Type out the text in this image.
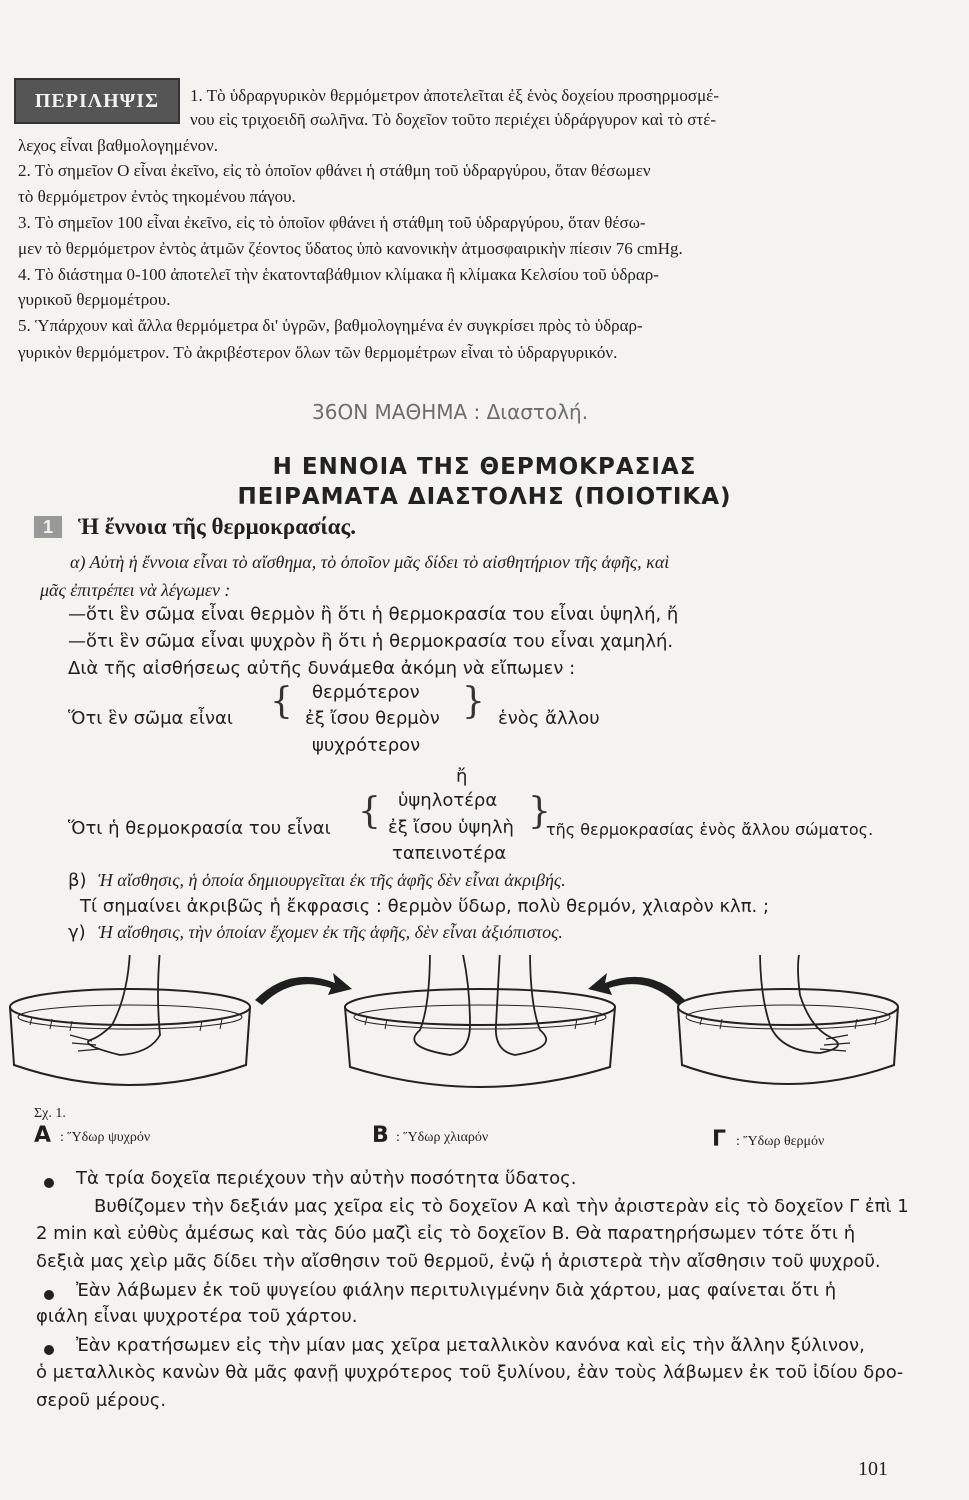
ΠΕΡΙΛΗΨΙΣ	1. Τὸ ὑδραργυρικὸν θερμόμετρον ἀποτελεῖται ἐξ ἑνὸς δοχείου προσηρμοσμέ-
νου εἰς τριχοειδῆ σωλῆνα. Τὸ δοχεῖον τοῦτο περιέχει ὑδράργυρον καὶ τὸ στέ-
λεχος εἶναι βαθμολογημένον.
2. Τὸ σημεῖον Ο εἶναι ἐκεῖνο, εἰς τὸ ὁποῖον φθάνει ἡ στάθμη τοῦ ὑδραργύρου, ὅταν θέσωμεν
τὸ θερμόμετρον ἐντὸς τηκομένου πάγου.
3. Τὸ σημεῖον 100 εἶναι ἐκεῖνο, εἰς τὸ ὁποῖον φθάνει ἡ στάθμη τοῦ ὑδραργύρου, ὅταν θέσω-
μεν τὸ θερμόμετρον ἐντὸς ἀτμῶν ζέοντος ὕδατος ὑπὸ κανονικὴν ἀτμοσφαιρικὴν πίεσιν 76 cmHg.
4. Τὸ διάστημα 0-100 ἀποτελεῖ τὴν ἑκατονταβάθμιον κλίμακα ἢ κλίμακα Κελσίου τοῦ ὑδραρ-
γυρικοῦ θερμομέτρου.
5. Ὑπάρχουν καὶ ἄλλα θερμόμετρα δι' ὑγρῶν, βαθμολογημένα ἐν συγκρίσει πρὸς τὸ ὑδραρ-
γυρικὸν θερμόμετρον. Τὸ ἀκριβέστερον ὅλων τῶν θερμομέτρων εἶναι τὸ ὑδραργυρικόν.
36ΟΝ ΜΑΘΗΜΑ : Διαστολή.
Η ΕΝΝΟΙΑ ΤΗΣ ΘΕΡΜΟΚΡΑΣΙΑΣ
ΠΕΙΡΑΜΑΤΑ ΔΙΑΣΤΟΛΗΣ (ΠΟΙΟΤΙΚΑ)
1	Ἡ ἔννοια τῆς θερμοκρασίας.
α) Αὐτὴ ἡ ἔννοια εἶναι τὸ αἴσθημα, τὸ ὁποῖον μᾶς δίδει τὸ αἰσθητήριον τῆς ἁφῆς, καὶ
μᾶς ἐπιτρέπει νὰ λέγωμεν :
—ὅτι ἓν σῶμα εἶναι θερμὸν ἢ ὅτι ἡ θερμοκρασία του εἶναι ὑψηλή, ἤ
—ὅτι ἓν σῶμα εἶναι ψυχρὸν ἢ ὅτι ἡ θερμοκρασία του εἶναι χαμηλή.
Διὰ τῆς αἰσθήσεως αὐτῆς δυνάμεθα ἀκόμη νὰ εἴπωμεν :
Ὅτι ἓν σῶμα εἶναι { θερμότερον
ἐξ ἴσου θερμὸν
ψυχρότερον
} ἑνὸς ἄλλου
ἤ
Ὅτι ἡ θερμοκρασία του εἶναι { ὑψηλοτέρα
ἐξ ἴσου ὑψηλὴ
ταπεινοτέρα
}
τῆς θερμοκρασίας ἑνὸς ἄλλου σώματος.
β) Ἡ αἴσθησις, ἡ ὁποία δημιουργεῖται ἐκ τῆς ἁφῆς δὲν εἶναι ἀκριβής.
Τί σημαίνει ἀκριβῶς ἡ ἔκφρασις : θερμὸν ὕδωρ, πολὺ θερμόν, χλιαρὸν κλπ. ;
γ) Ἡ αἴσθησις, τὴν ὁποίαν ἔχομεν ἐκ τῆς ἁφῆς, δὲν εἶναι ἀξιόπιστος.
Σχ. 1.
Α : Ὕδωρ ψυχρόν	Β : Ὕδωρ χλιαρόν	Γ : Ὕδωρ θερμόν
Τὰ τρία δοχεῖα περιέχουν τὴν αὐτὴν ποσότητα ὕδατος.
Βυθίζομεν τὴν δεξιάν μας χεῖρα εἰς τὸ δοχεῖον Α καὶ τὴν ἀριστερὰν εἰς τὸ δοχεῖον Γ ἐπὶ 1
2 min καὶ εὐθὺς ἀμέσως καὶ τὰς δύο μαζὶ εἰς τὸ δοχεῖον Β. Θὰ παρατηρήσωμεν τότε ὅτι ἡ
δεξιὰ μας χεὶρ μᾶς δίδει τὴν αἴσθησιν τοῦ θερμοῦ, ἐνῷ ἡ ἀριστερὰ τὴν αἴσθησιν τοῦ ψυχροῦ.
Ἐὰν λάβωμεν ἐκ τοῦ ψυγείου φιάλην περιτυλιγμένην διὰ χάρτου, μας φαίνεται ὅτι ἡ
φιάλη εἶναι ψυχροτέρα τοῦ χάρτου.
Ἐὰν κρατήσωμεν εἰς τὴν μίαν μας χεῖρα μεταλλικὸν κανόνα καὶ εἰς τὴν ἄλλην ξύλινον,
ὁ μεταλλικὸς κανὼν θὰ μᾶς φανῇ ψυχρότερος τοῦ ξυλίνου, ἐὰν τοὺς λάβωμεν ἐκ τοῦ ἰδίου δρο-
σεροῦ μέρους.
101
